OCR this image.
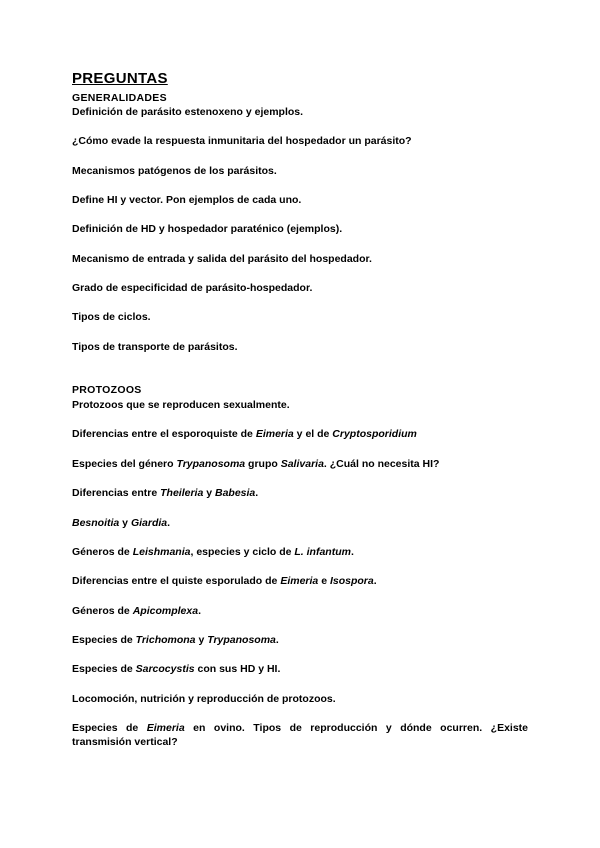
PREGUNTAS
GENERALIDADES
Definición de parásito estenoxeno y ejemplos.
¿Cómo evade la respuesta inmunitaria del hospedador un parásito?
Mecanismos patógenos de los parásitos.
Define HI y vector. Pon ejemplos de cada uno.
Definición de HD y hospedador paraténico (ejemplos).
Mecanismo de entrada y salida del parásito del hospedador.
Grado de especificidad de parásito-hospedador.
Tipos de ciclos.
Tipos de transporte de parásitos.
PROTOZOOS
Protozoos que se reproducen sexualmente.
Diferencias entre el esporoquiste de Eimeria y el de Cryptosporidium
Especies del género Trypanosoma grupo Salivaria. ¿Cuál no necesita HI?
Diferencias entre Theileria y Babesia.
Besnoitia y Giardia.
Géneros de Leishmania, especies y ciclo de L. infantum.
Diferencias entre el quiste esporulado de Eimeria e Isospora.
Géneros de Apicomplexa.
Especies de Trichomona y Trypanosoma.
Especies de Sarcocystis con sus HD y HI.
Locomoción, nutrición y reproducción de protozoos.
Especies de Eimeria en ovino. Tipos de reproducción y dónde ocurren. ¿Existe transmisión vertical?
